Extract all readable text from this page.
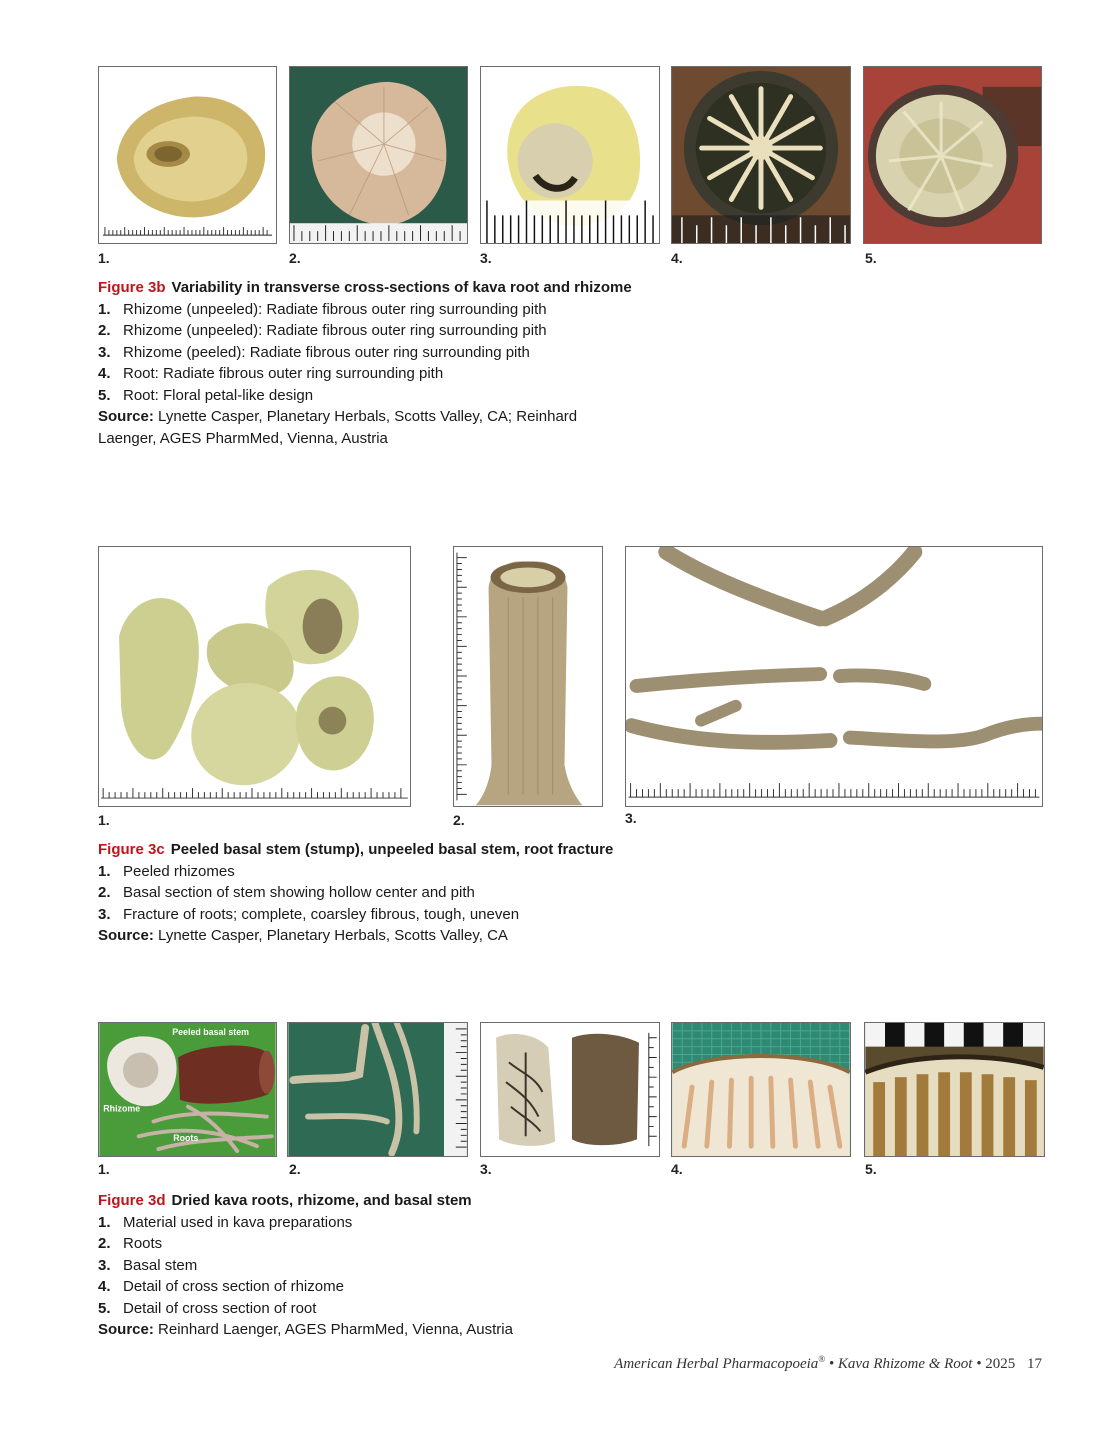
1.	2.	3.	4.	5.
Figure 3b Variability in transverse cross-sections of kava root and rhizome
1. Rhizome (unpeeled): Radiate fibrous outer ring surrounding pith
2. Rhizome (unpeeled): Radiate fibrous outer ring surrounding pith
3. Rhizome (peeled): Radiate fibrous outer ring surrounding pith
4. Root: Radiate fibrous outer ring surrounding pith
5. Root: Floral petal-like design
Source: Lynette Casper, Planetary Herbals, Scotts Valley, CA; Reinhard
Laenger, AGES PharmMed, Vienna, Austria
1.	2.	3.
Figure 3c Peeled basal stem (stump), unpeeled basal stem, root fracture
1. Peeled rhizomes
2. Basal section of stem showing hollow center and pith
3. Fracture of roots; complete, coarsley fibrous, tough, uneven
Source: Lynette Casper, Planetary Herbals, Scotts Valley, CA
Peeled basal stem
Rhizome
Roots
1.	2.	3.	4.	5.
Figure 3d Dried kava roots, rhizome, and basal stem
1. Material used in kava preparations
2. Roots
3. Basal stem
4. Detail of cross section of rhizome
5. Detail of cross section of root
Source: Reinhard Laenger, AGES PharmMed, Vienna, Austria
American Herbal Pharmacopoeia® • Kava Rhizome & Root • 2025 17
